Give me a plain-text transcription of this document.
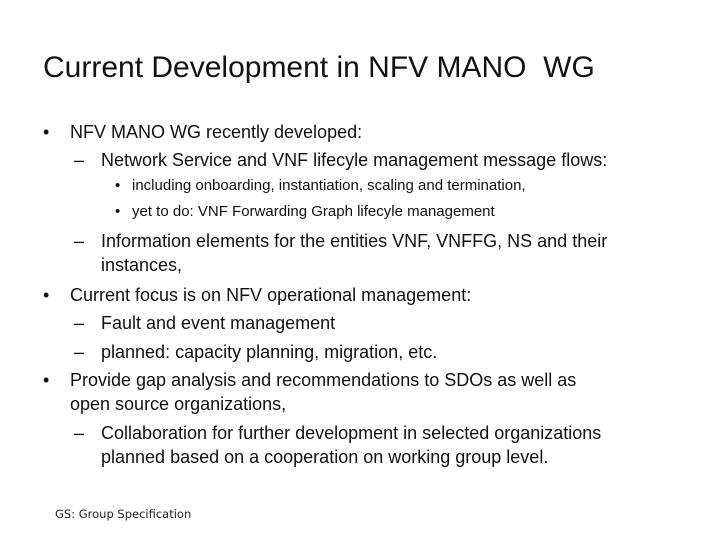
Current Development in NFV MANO  WG
• NFV MANO WG recently developed:
– Network Service and VNF lifecyle management message flows:
• including onboarding, instantiation, scaling and termination,
• yet to do: VNF Forwarding Graph lifecyle management
– Information elements for the entities VNF, VNFFG, NS and their
instances,
• Current focus is on NFV operational management:
– Fault and event management
– planned: capacity planning, migration, etc.
• Provide gap analysis and recommendations to SDOs as well as
open source organizations,
– Collaboration for further development in selected organizations
planned based on a cooperation on working group level.
GS: Group Specification
